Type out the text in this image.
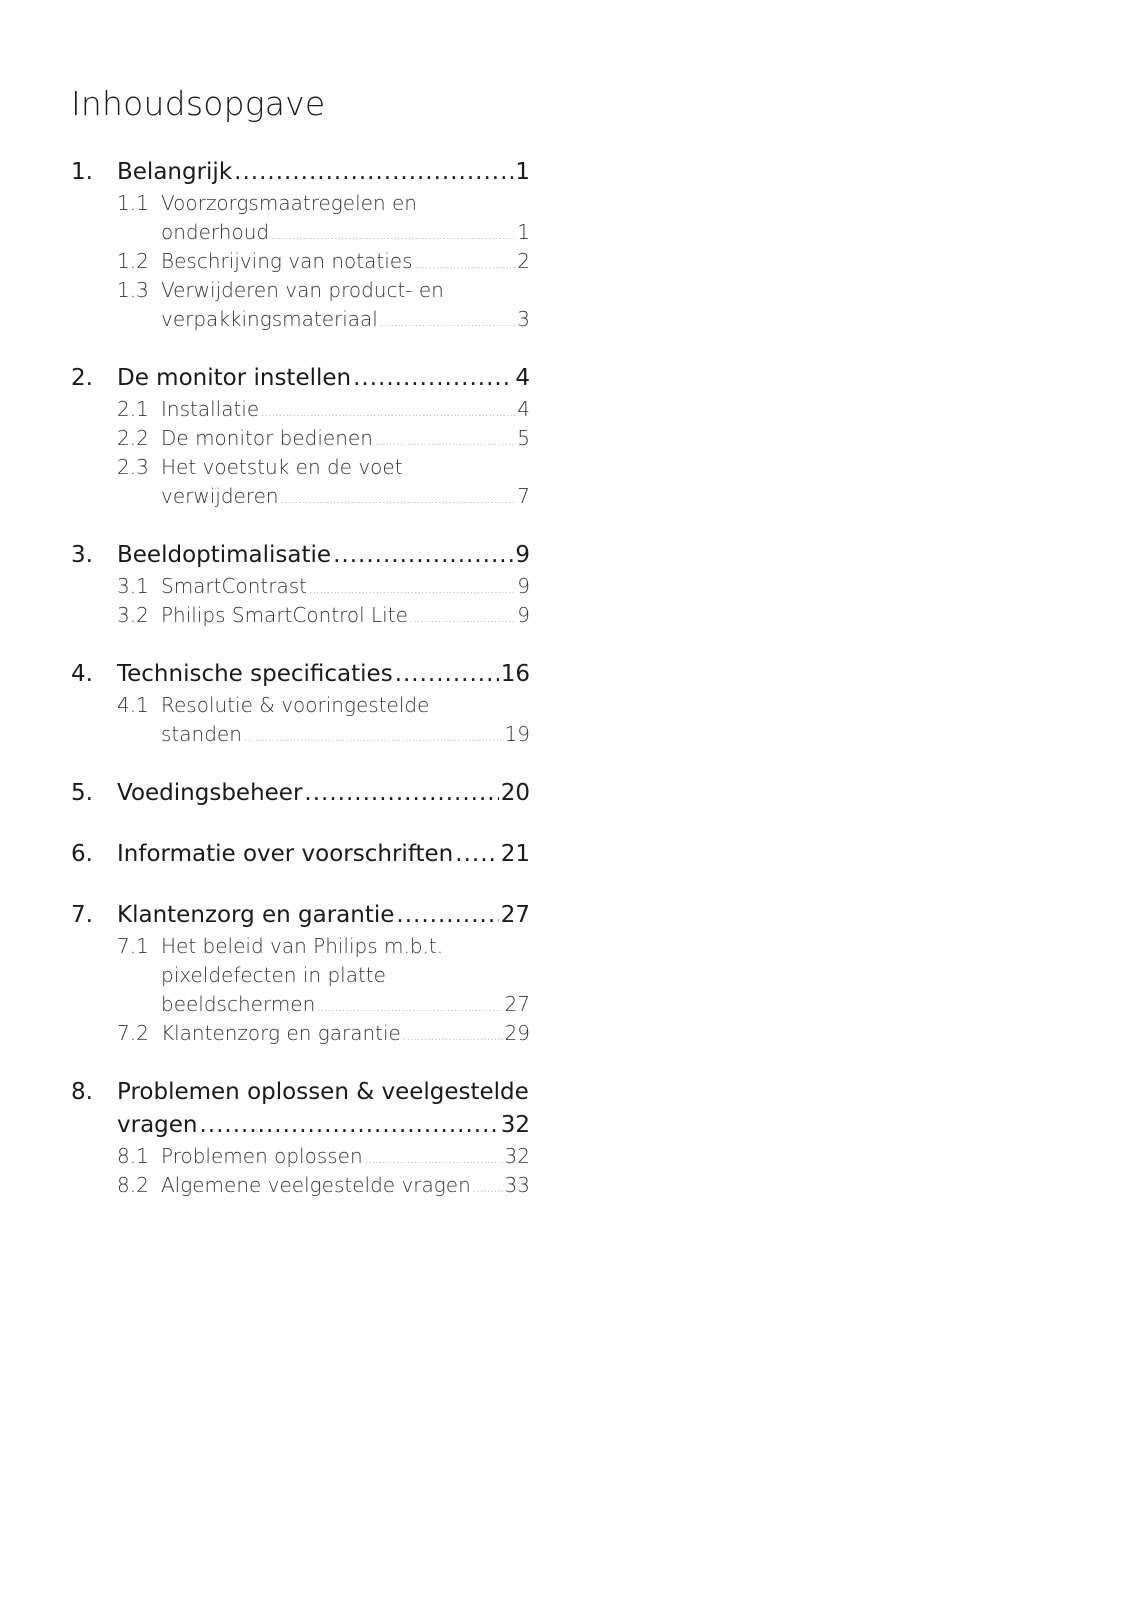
Inhoudsopgave
1. Belangrijk .....	1
1.1 Voorzorgsmaatregelen en
onderhoud .....	1
1.2 Beschrijving van notaties .....	2
1.3 Verwijderen van product- en
verpakkingsmateriaal .....	3
2. De monitor instellen .....	4
2.1 Installatie .....	4
2.2 De monitor bedienen .....	5
2.3 Het voetstuk en de voet
verwijderen .....	7
3. Beeldoptimalisatie .....	9
3.1 SmartContrast .....	9
3.2 Philips SmartControl Lite .....	9
4. Technische specificaties .....	16
4.1 Resolutie & vooringestelde
standen .....	19
5. Voedingsbeheer .....	20
6. Informatie over voorschriften ..... 21
7. Klantenzorg en garantie .....	27
7.1 Het beleid van Philips m.b.t.
pixeldefecten in platte
beeldschermen .....	27
7.2 Klantenzorg en garantie .....	29
8. Problemen oplossen & veelgestelde
vragen .....	32
8.1 Problemen oplossen .....	32
8.2 Algemene veelgestelde vragen ..... 33
